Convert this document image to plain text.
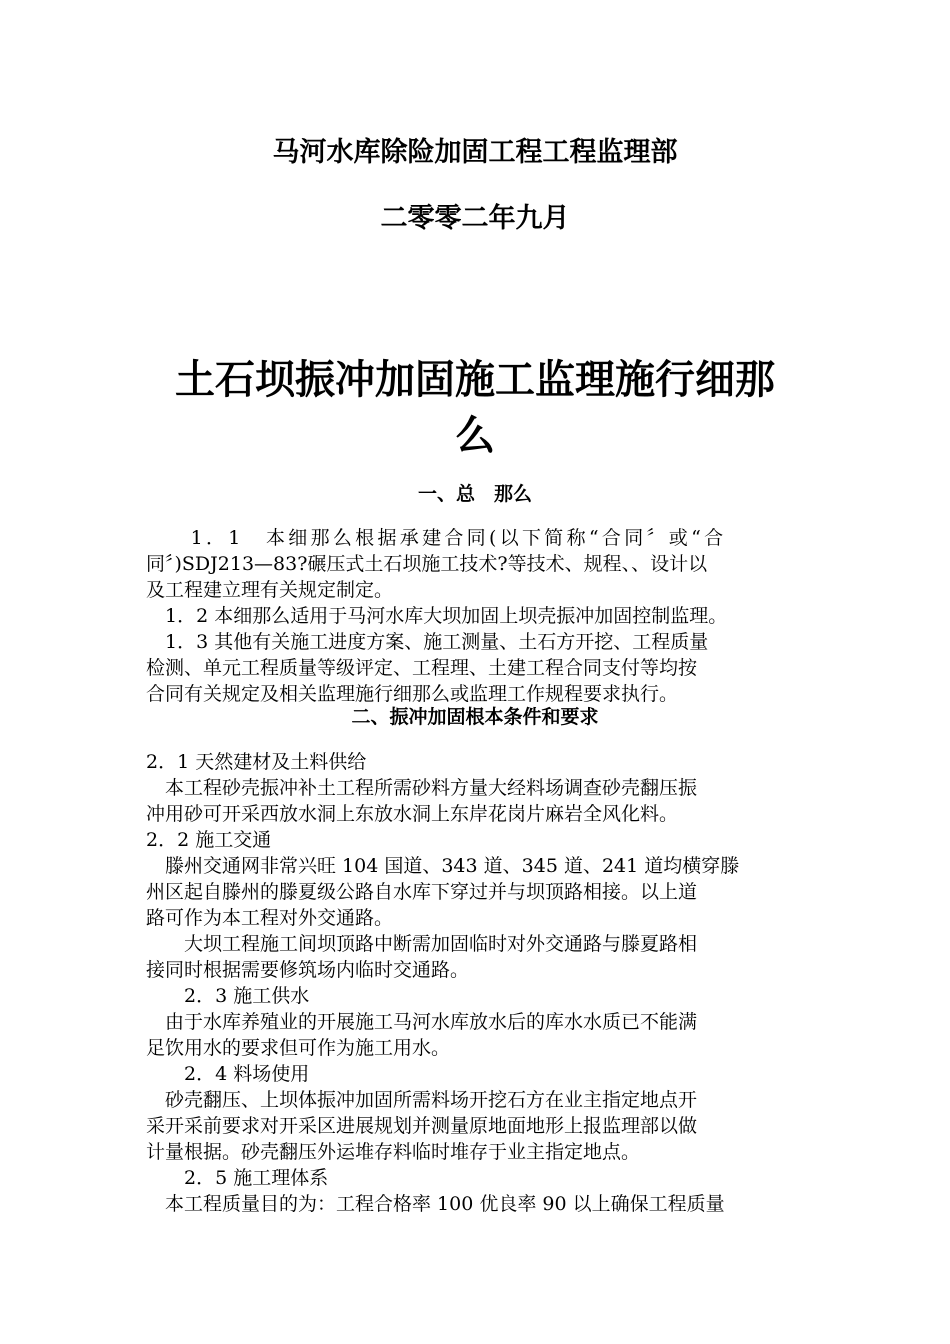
马河水库除险加固工程工程监理部
二零零二年九月
土石坝振冲加固施工监理施行细那
么
一、总　那么
　　1．1　本细那么根据承建合同(以下简称“合同〞或“合
同〞)SDJ213—83?碾压式土石坝施工技术?等技术、规程、、设计以
及工程建立理有关规定制定。
　1．2 本细那么适用于马河水库大坝加固上坝壳振冲加固控制监理。
　1．3 其他有关施工进度方案、施工测量、土石方开挖、工程质量
检测、单元工程质量等级评定、工程理、土建工程合同支付等均按
合同有关规定及相关监理施行细那么或监理工作规程要求执行。
二、振冲加固根本条件和要求
2．1 天然建材及土料供给
　本工程砂壳振冲补土工程所需砂料方量大经料场调查砂壳翻压振
冲用砂可开采西放水洞上东放水洞上东岸花岗片麻岩全风化料。
2．2 施工交通
　滕州交通网非常兴旺 104 国道、343 道、345 道、241 道均横穿滕
州区起自滕州的滕夏级公路自水库下穿过并与坝顶路相接。以上道
路可作为本工程对外交通路。
　　大坝工程施工间坝顶路中断需加固临时对外交通路与滕夏路相
接同时根据需要修筑场内临时交通路。
　　2．3 施工供水
　由于水库养殖业的开展施工马河水库放水后的库水水质已不能满
足饮用水的要求但可作为施工用水。
　　2．4 料场使用
　砂壳翻压、上坝体振冲加固所需料场开挖石方在业主指定地点开
采开采前要求对开采区进展规划并测量原地面地形上报监理部以做
计量根据。砂壳翻压外运堆存料临时堆存于业主指定地点。
　　2．5 施工理体系
　本工程质量目的为：工程合格率 100 优良率 90 以上确保工程质量
